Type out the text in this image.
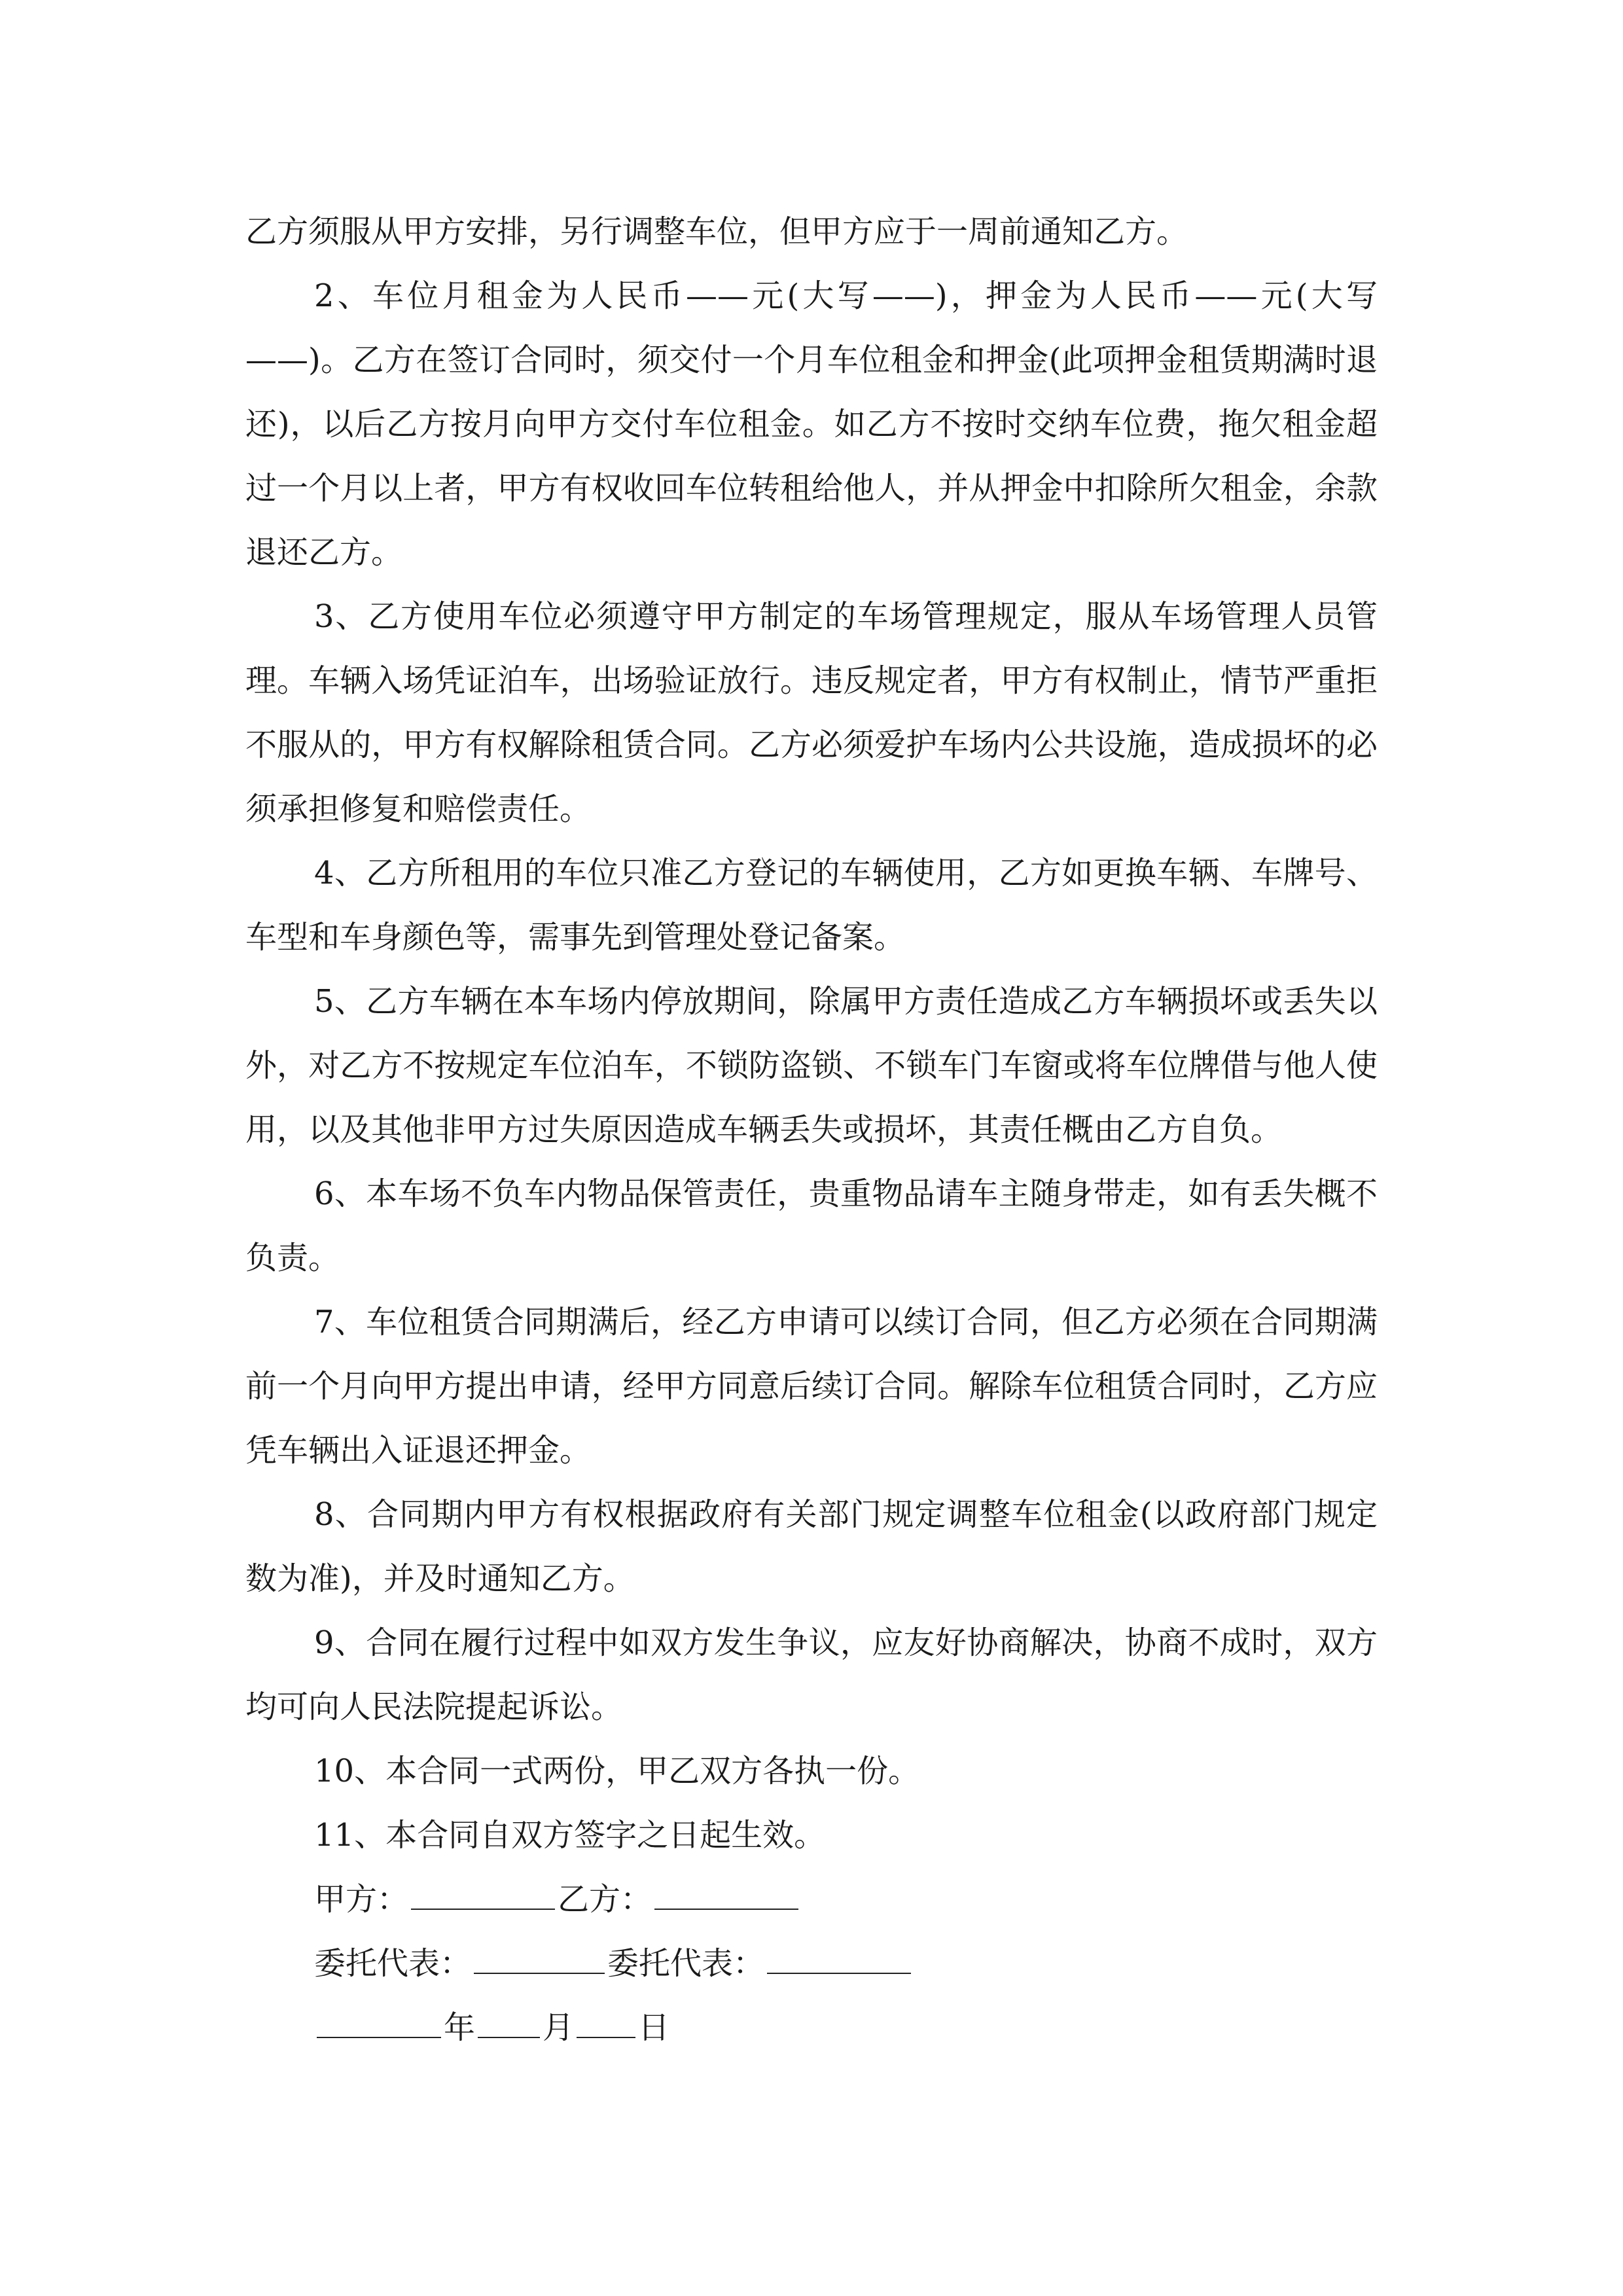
乙方须服从甲方安排，另行调整车位，但甲方应于一周前通知乙方。

2、车位月租金为人民币——元(大写——)，押金为人民币——元(大写——)。乙方在签订合同时，须交付一个月车位租金和押金(此项押金租赁期满时退还)，以后乙方按月向甲方交付车位租金。如乙方不按时交纳车位费，拖欠租金超过一个月以上者，甲方有权收回车位转租给他人，并从押金中扣除所欠租金，余款退还乙方。

3、乙方使用车位必须遵守甲方制定的车场管理规定，服从车场管理人员管理。车辆入场凭证泊车，出场验证放行。违反规定者，甲方有权制止，情节严重拒不服从的，甲方有权解除租赁合同。乙方必须爱护车场内公共设施，造成损坏的必须承担修复和赔偿责任。

4、乙方所租用的车位只准乙方登记的车辆使用，乙方如更换车辆、车牌号、车型和车身颜色等，需事先到管理处登记备案。

5、乙方车辆在本车场内停放期间，除属甲方责任造成乙方车辆损坏或丢失以外，对乙方不按规定车位泊车，不锁防盗锁、不锁车门车窗或将车位牌借与他人使用，以及其他非甲方过失原因造成车辆丢失或损坏，其责任概由乙方自负。

6、本车场不负车内物品保管责任，贵重物品请车主随身带走，如有丢失概不负责。

7、车位租赁合同期满后，经乙方申请可以续订合同，但乙方必须在合同期满前一个月向甲方提出申请，经甲方同意后续订合同。解除车位租赁合同时，乙方应凭车辆出入证退还押金。

8、合同期内甲方有权根据政府有关部门规定调整车位租金(以政府部门规定数为准)，并及时通知乙方。

9、合同在履行过程中如双方发生争议，应友好协商解决，协商不成时，双方均可向人民法院提起诉讼。

10、本合同一式两份，甲乙双方各执一份。

11、本合同自双方签字之日起生效。

甲方：	乙方：

委托代表：	委托代表：

年 月 日
